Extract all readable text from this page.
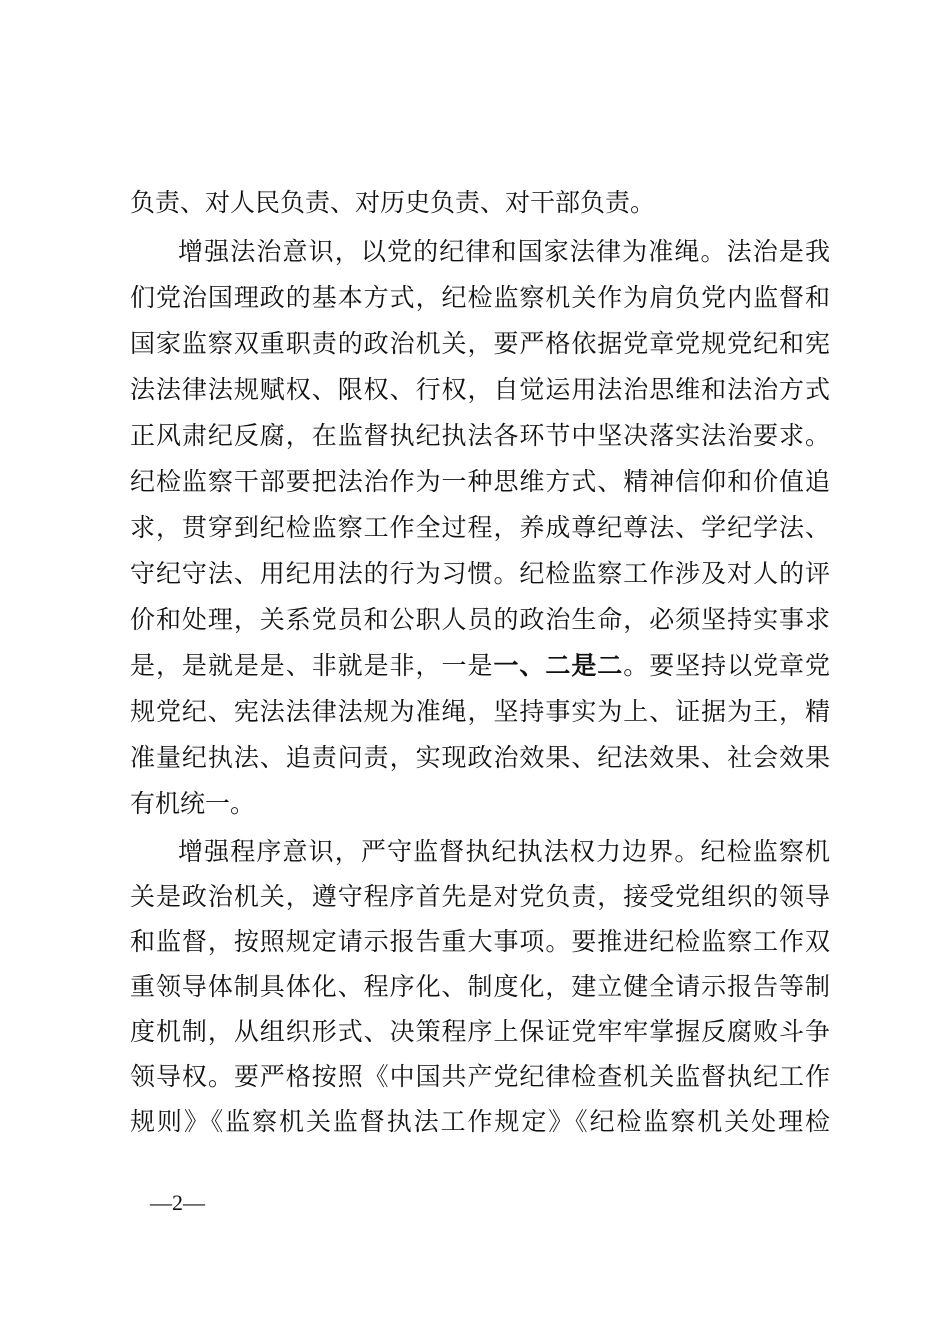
负责、对人民负责、对历史负责、对干部负责。
增强法治意识，以党的纪律和国家法律为准绳。法治是我
们党治国理政的基本方式，纪检监察机关作为肩负党内监督和
国家监察双重职责的政治机关，要严格依据党章党规党纪和宪
法法律法规赋权、限权、行权，自觉运用法治思维和法治方式
正风肃纪反腐，在监督执纪执法各环节中坚决落实法治要求。
纪检监察干部要把法治作为一种思维方式、精神信仰和价值追
求，贯穿到纪检监察工作全过程，养成尊纪尊法、学纪学法、
守纪守法、用纪用法的行为习惯。纪检监察工作涉及对人的评
价和处理，关系党员和公职人员的政治生命，必须坚持实事求
是，是就是是、非就是非，一是一、二是二。要坚持以党章党
规党纪、宪法法律法规为准绳，坚持事实为上、证据为王，精
准量纪执法、追责问责，实现政治效果、纪法效果、社会效果
有机统一。
增强程序意识，严守监督执纪执法权力边界。纪检监察机
关是政治机关，遵守程序首先是对党负责，接受党组织的领导
和监督，按照规定请示报告重大事项。要推进纪检监察工作双
重领导体制具体化、程序化、制度化，建立健全请示报告等制
度机制，从组织形式、决策程序上保证党牢牢掌握反腐败斗争
领导权。要严格按照《中国共产党纪律检查机关监督执纪工作
规则》《监察机关监督执法工作规定》《纪检监察机关处理检
—2—
